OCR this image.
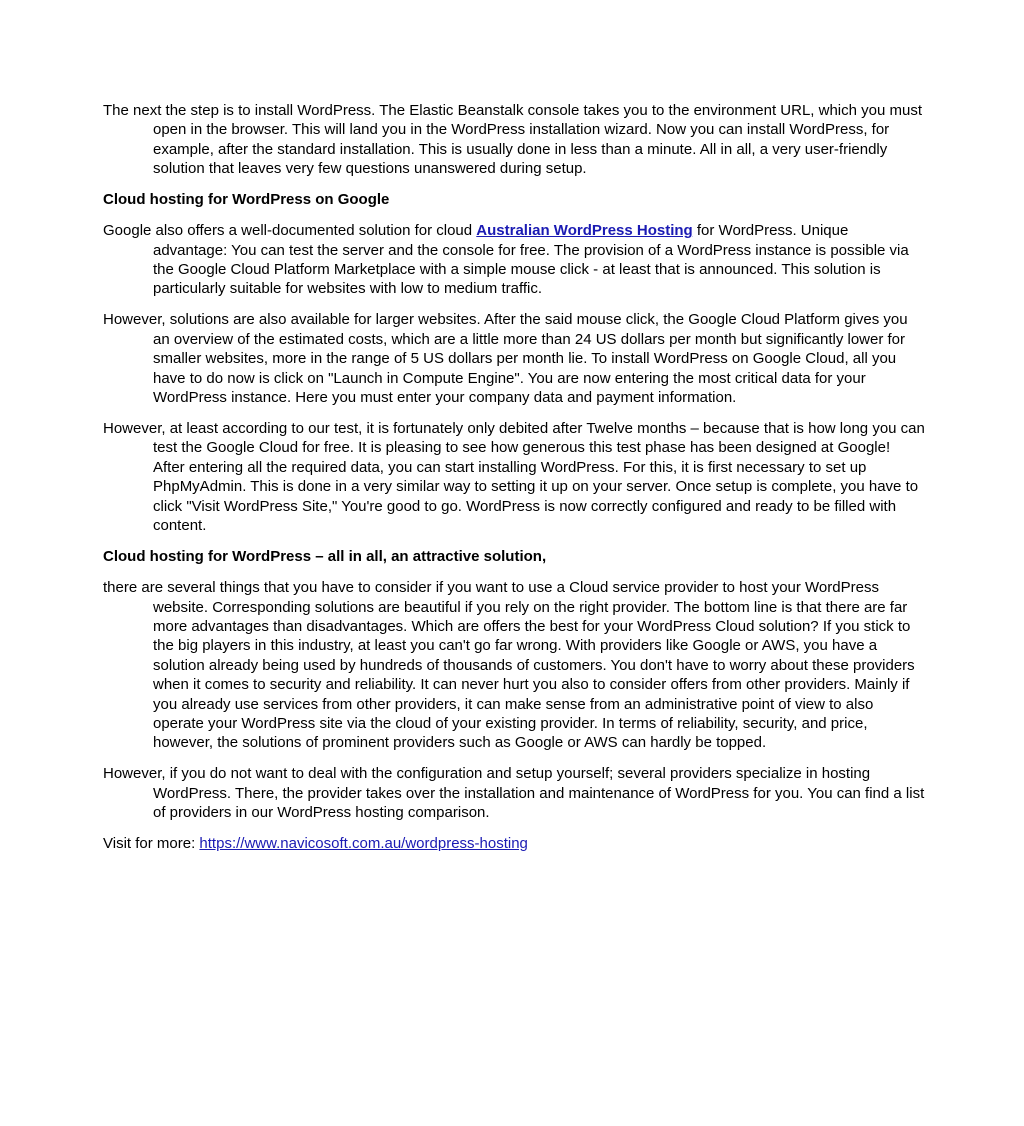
The next the step is to install WordPress. The Elastic Beanstalk console takes you to the environment URL, which you must open in the browser. This will land you in the WordPress installation wizard. Now you can install WordPress, for example, after the standard installation. This is usually done in less than a minute. All in all, a very user-friendly solution that leaves very few questions unanswered during setup.

Cloud hosting for WordPress on Google

Google also offers a well-documented solution for cloud Australian WordPress Hosting for WordPress. Unique advantage: You can test the server and the console for free. The provision of a WordPress instance is possible via the Google Cloud Platform Marketplace with a simple mouse click - at least that is announced. This solution is particularly suitable for websites with low to medium traffic.

However, solutions are also available for larger websites. After the said mouse click, the Google Cloud Platform gives you an overview of the estimated costs, which are a little more than 24 US dollars per month but significantly lower for smaller websites, more in the range of 5 US dollars per month lie. To install WordPress on Google Cloud, all you have to do now is click on "Launch in Compute Engine". You are now entering the most critical data for your WordPress instance. Here you must enter your company data and payment information.

However, at least according to our test, it is fortunately only debited after Twelve months – because that is how long you can test the Google Cloud for free. It is pleasing to see how generous this test phase has been designed at Google! After entering all the required data, you can start installing WordPress. For this, it is first necessary to set up PhpMyAdmin. This is done in a very similar way to setting it up on your server. Once setup is complete, you have to click "Visit WordPress Site," You're good to go. WordPress is now correctly configured and ready to be filled with content.

Cloud hosting for WordPress – all in all, an attractive solution,

there are several things that you have to consider if you want to use a Cloud service provider to host your WordPress website. Corresponding solutions are beautiful if you rely on the right provider. The bottom line is that there are far more advantages than disadvantages. Which are offers the best for your WordPress Cloud solution? If you stick to the big players in this industry, at least you can't go far wrong. With providers like Google or AWS, you have a solution already being used by hundreds of thousands of customers. You don't have to worry about these providers when it comes to security and reliability. It can never hurt you also to consider offers from other providers. Mainly if you already use services from other providers, it can make sense from an administrative point of view to also operate your WordPress site via the cloud of your existing provider. In terms of reliability, security, and price, however, the solutions of prominent providers such as Google or AWS can hardly be topped.

However, if you do not want to deal with the configuration and setup yourself; several providers specialize in hosting WordPress. There, the provider takes over the installation and maintenance of WordPress for you. You can find a list of providers in our WordPress hosting comparison.

Visit for more: https://www.navicosoft.com.au/wordpress-hosting
